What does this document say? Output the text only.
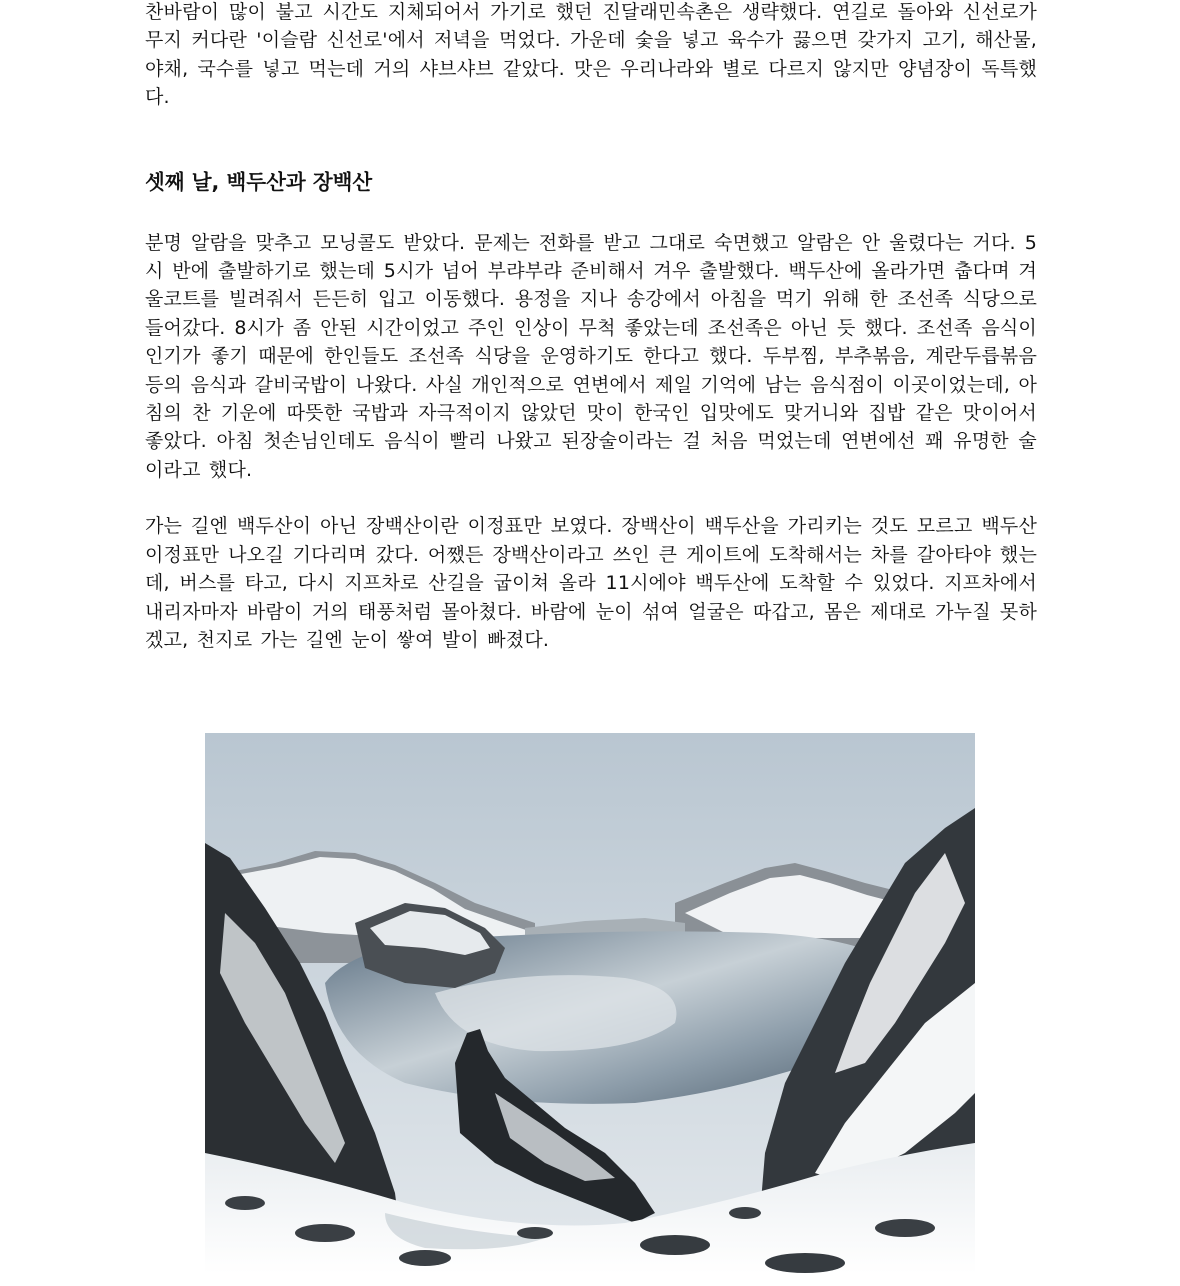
찬바람이 많이 불고 시간도 지체되어서 가기로 했던 진달래민속촌은 생략했다. 연길로 돌아와 신선로가 무지 커다란 '이슬람 신선로'에서 저녁을 먹었다. 가운데 숯을 넣고 육수가 끓으면 갖가지 고기, 해산물, 야채, 국수를 넣고 먹는데 거의 샤브샤브 같았다. 맛은 우리나라와 별로 다르지 않지만 양념장이 독특했다.

셋째 날, 백두산과 장백산

분명 알람을 맞추고 모닝콜도 받았다. 문제는 전화를 받고 그대로 숙면했고 알람은 안 울렸다는 거다. 5시 반에 출발하기로 했는데 5시가 넘어 부랴부랴 준비해서 겨우 출발했다. 백두산에 올라가면 춥다며 겨울코트를 빌려줘서 든든히 입고 이동했다. 용정을 지나 송강에서 아침을 먹기 위해 한 조선족 식당으로 들어갔다. 8시가 좀 안된 시간이었고 주인 인상이 무척 좋았는데 조선족은 아닌 듯 했다. 조선족 음식이 인기가 좋기 때문에 한인들도 조선족 식당을 운영하기도 한다고 했다. 두부찜, 부추볶음, 계란두릅볶음 등의 음식과 갈비국밥이 나왔다. 사실 개인적으로 연변에서 제일 기억에 남는 음식점이 이곳이었는데, 아침의 찬 기운에 따뜻한 국밥과 자극적이지 않았던 맛이 한국인 입맛에도 맞거니와 집밥 같은 맛이어서 좋았다. 아침 첫손님인데도 음식이 빨리 나왔고 된장술이라는 걸 처음 먹었는데 연변에선 꽤 유명한 술이라고 했다.

가는 길엔 백두산이 아닌 장백산이란 이정표만 보였다. 장백산이 백두산을 가리키는 것도 모르고 백두산 이정표만 나오길 기다리며 갔다. 어쨌든 장백산이라고 쓰인 큰 게이트에 도착해서는 차를 갈아타야 했는데, 버스를 타고, 다시 지프차로 산길을 굽이쳐 올라 11시에야 백두산에 도착할 수 있었다. 지프차에서 내리자마자 바람이 거의 태풍처럼 몰아쳤다. 바람에 눈이 섞여 얼굴은 따갑고, 몸은 제대로 가누질 못하겠고, 천지로 가는 길엔 눈이 쌓여 발이 빠졌다.
